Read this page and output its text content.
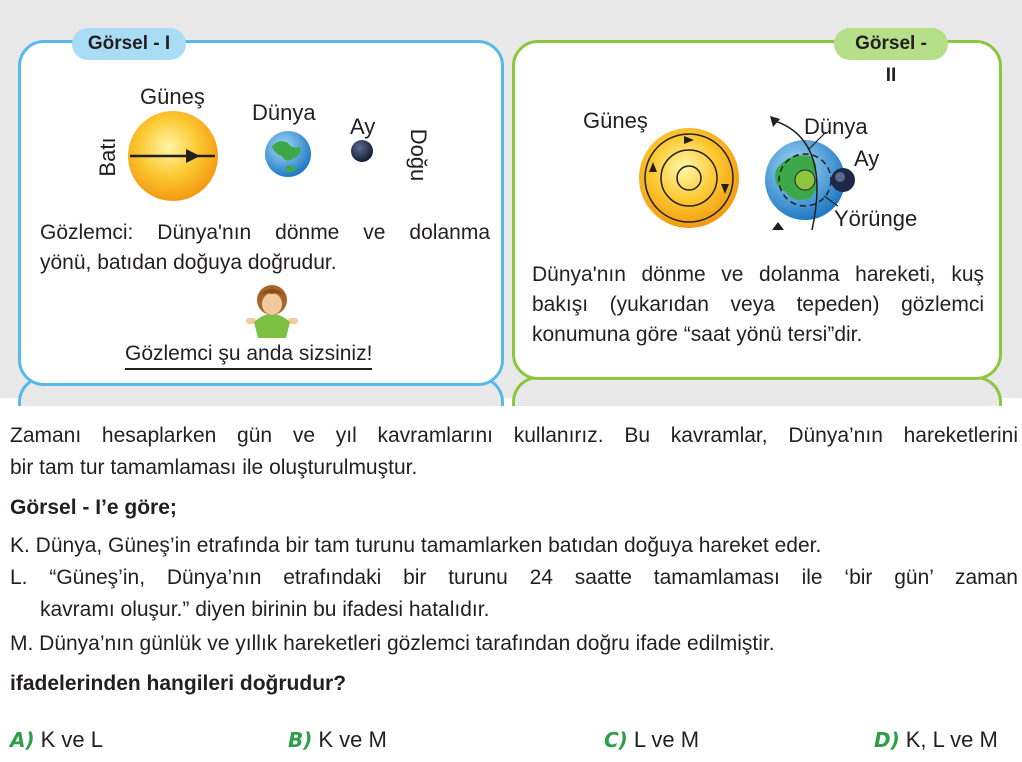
Görsel - I
Güneş
Dünya
Ay
Batı	Doğu
Gözlemci: Dünya'nın dönme ve dolanma
yönü, batıdan doğuya doğrudur.
Gözlemci şu anda sizsiniz!
Görsel - II
Güneş	Dünya
Ay
Yörünge
Dünya'nın dönme ve dolanma hareketi, kuş
bakışı (yukarıdan veya tepeden) gözlemci
konumuna göre “saat yönü tersi”dir.
Zamanı hesaplarken gün ve yıl kavramlarını kullanırız. Bu kavramlar, Dünya’nın hareketlerini
bir tam tur tamamlaması ile oluşturulmuştur.
Görsel - I’e göre;
K. Dünya, Güneş’in etrafında bir tam turunu tamamlarken batıdan doğuya hareket eder.
L. “Güneş’in, Dünya’nın etrafındaki bir turunu 24 saatte tamamlaması ile ‘bir gün’ zaman
kavramı oluşur.” diyen birinin bu ifadesi hatalıdır.
M. Dünya’nın günlük ve yıllık hareketleri gözlemci tarafından doğru ifade edilmiştir.
ifadelerinden hangileri doğrudur?
A) K ve L	B) K ve M	C) L ve M	D) K, L ve M
